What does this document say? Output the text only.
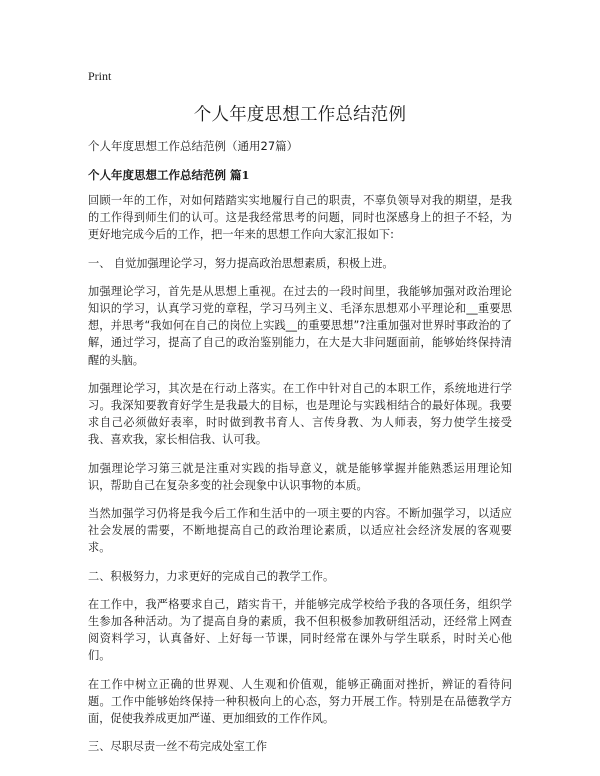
Print

个人年度思想工作总结范例

个人年度思想工作总结范例（通用27篇）

个人年度思想工作总结范例 篇1

回顾一年的工作，对如何踏踏实实地履行自己的职责，不辜负领导对我的期望，是我的工作得到师生们的认可。这是我经常思考的问题，同时也深感身上的担子不轻，为更好地完成今后的工作，把一年来的思想工作向大家汇报如下:

一、 自觉加强理论学习，努力提高政治思想素质，积极上进。

加强理论学习，首先是从思想上重视。在过去的一段时间里，我能够加强对政治理论知识的学习，认真学习党的章程，学习马列主义、毛泽东思想邓小平理论和__重要思想，并思考“我如何在自己的岗位上实践__的重要思想”?注重加强对世界时事政治的了解，通过学习，提高了自己的政治鉴别能力，在大是大非问题面前，能够始终保持清醒的头脑。

加强理论学习，其次是在行动上落实。在工作中针对自己的本职工作，系统地进行学习。我深知要教育好学生是我最大的目标，也是理论与实践相结合的最好体现。我要求自己必须做好表率，时时做到教书育人、言传身教、为人师表，努力使学生接受我、喜欢我，家长相信我、认可我。

加强理论学习第三就是注重对实践的指导意义，就是能够掌握并能熟悉运用理论知识，帮助自己在复杂多变的社会现象中认识事物的本质。

当然加强学习仍将是我今后工作和生活中的一项主要的内容。不断加强学习，以适应社会发展的需要，不断地提高自己的政治理论素质，以适应社会经济发展的客观要求。

二、积极努力，力求更好的完成自己的教学工作。

在工作中，我严格要求自己，踏实肯干，并能够完成学校给予我的各项任务，组织学生参加各种活动。为了提高自身的素质，我不但积极参加教研组活动，还经常上网查阅资料学习，认真备好、上好每一节课，同时经常在课外与学生联系，时时关心他们。

在工作中树立正确的世界观、人生观和价值观，能够正确面对挫折，辨证的看待问题。工作中能够始终保持一种积极向上的心态，努力开展工作。特别是在品德教学方面，促使我养成更加严谨、更加细致的工作作风。

三、尽职尽责一丝不苟完成处室工作
